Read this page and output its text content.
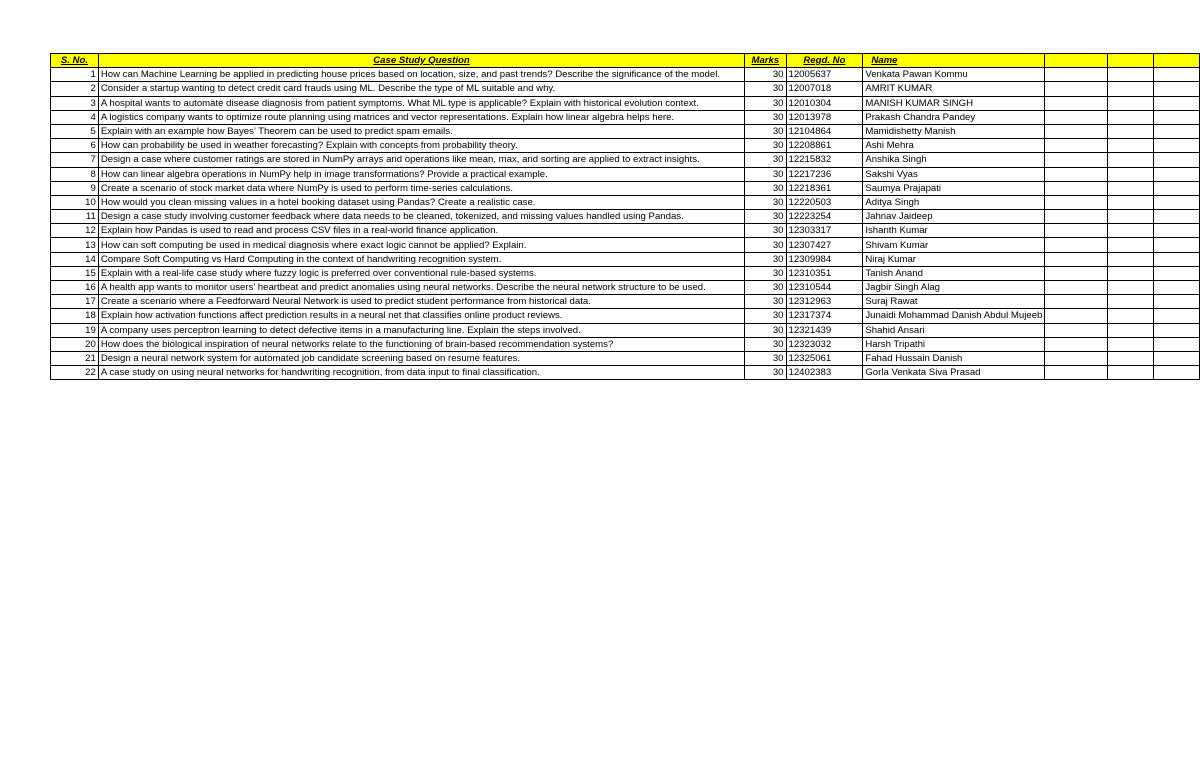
S. No.	Case Study Question	Marks	Regd. No	Name			
1	How can Machine Learning be applied in predicting house prices based on location, size, and past trends? Describe the significance of the model.	30	12005637	Venkata Pawan Kommu			
2	Consider a startup wanting to detect credit card frauds using ML. Describe the type of ML suitable and why.	30	12007018	AMRIT KUMAR			
3	A hospital wants to automate disease diagnosis from patient symptoms. What ML type is applicable? Explain with historical evolution context.	30	12010304	MANISH KUMAR SINGH			
4	A logistics company wants to optimize route planning using matrices and vector representations. Explain how linear algebra helps here.	30	12013978	Prakash Chandra Pandey			
5	Explain with an example how Bayes’ Theorem can be used to predict spam emails.	30	12104864	Mamidishetty Manish			
6	How can probability be used in weather forecasting? Explain with concepts from probability theory.	30	12208861	Ashi Mehra			
7	Design a case where customer ratings are stored in NumPy arrays and operations like mean, max, and sorting are applied to extract insights.	30	12215832	Anshika Singh			
8	How can linear algebra operations in NumPy help in image transformations? Provide a practical example.	30	12217236	Sakshi Vyas			
9	Create a scenario of stock market data where NumPy is used to perform time-series calculations.	30	12218361	Saumya Prajapati			
10	How would you clean missing values in a hotel booking dataset using Pandas? Create a realistic case.	30	12220503	Aditya Singh			
11	Design a case study involving customer feedback where data needs to be cleaned, tokenized, and missing values handled using Pandas.	30	12223254	Jahnav Jaideep			
12	Explain how Pandas is used to read and process CSV files in a real-world finance application.	30	12303317	Ishanth Kumar			
13	How can soft computing be used in medical diagnosis where exact logic cannot be applied? Explain.	30	12307427	Shivam Kumar			
14	Compare Soft Computing vs Hard Computing in the context of handwriting recognition system.	30	12309984	Niraj Kumar			
15	Explain with a real-life case study where fuzzy logic is preferred over conventional rule-based systems.	30	12310351	Tanish Anand			
16	A health app wants to monitor users’ heartbeat and predict anomalies using neural networks. Describe the neural network structure to be used.	30	12310544	Jagbir Singh Alag			
17	Create a scenario where a Feedforward Neural Network is used to predict student performance from historical data.	30	12312963	Suraj Rawat			
18	Explain how activation functions affect prediction results in a neural net that classifies online product reviews.	30	12317374	Junaidi Mohammad Danish Abdul Mujeeb			
19	A company uses perceptron learning to detect defective items in a manufacturing line. Explain the steps involved.	30	12321439	Shahid Ansari			
20	How does the biological inspiration of neural networks relate to the functioning of brain-based recommendation systems?	30	12323032	Harsh Tripathi			
21	Design a neural network system for automated job candidate screening based on resume features.	30	12325061	Fahad Hussain Danish			
22	A case study on using neural networks for handwriting recognition, from data input to final classification.	30	12402383	Gorla Venkata Siva Prasad			
